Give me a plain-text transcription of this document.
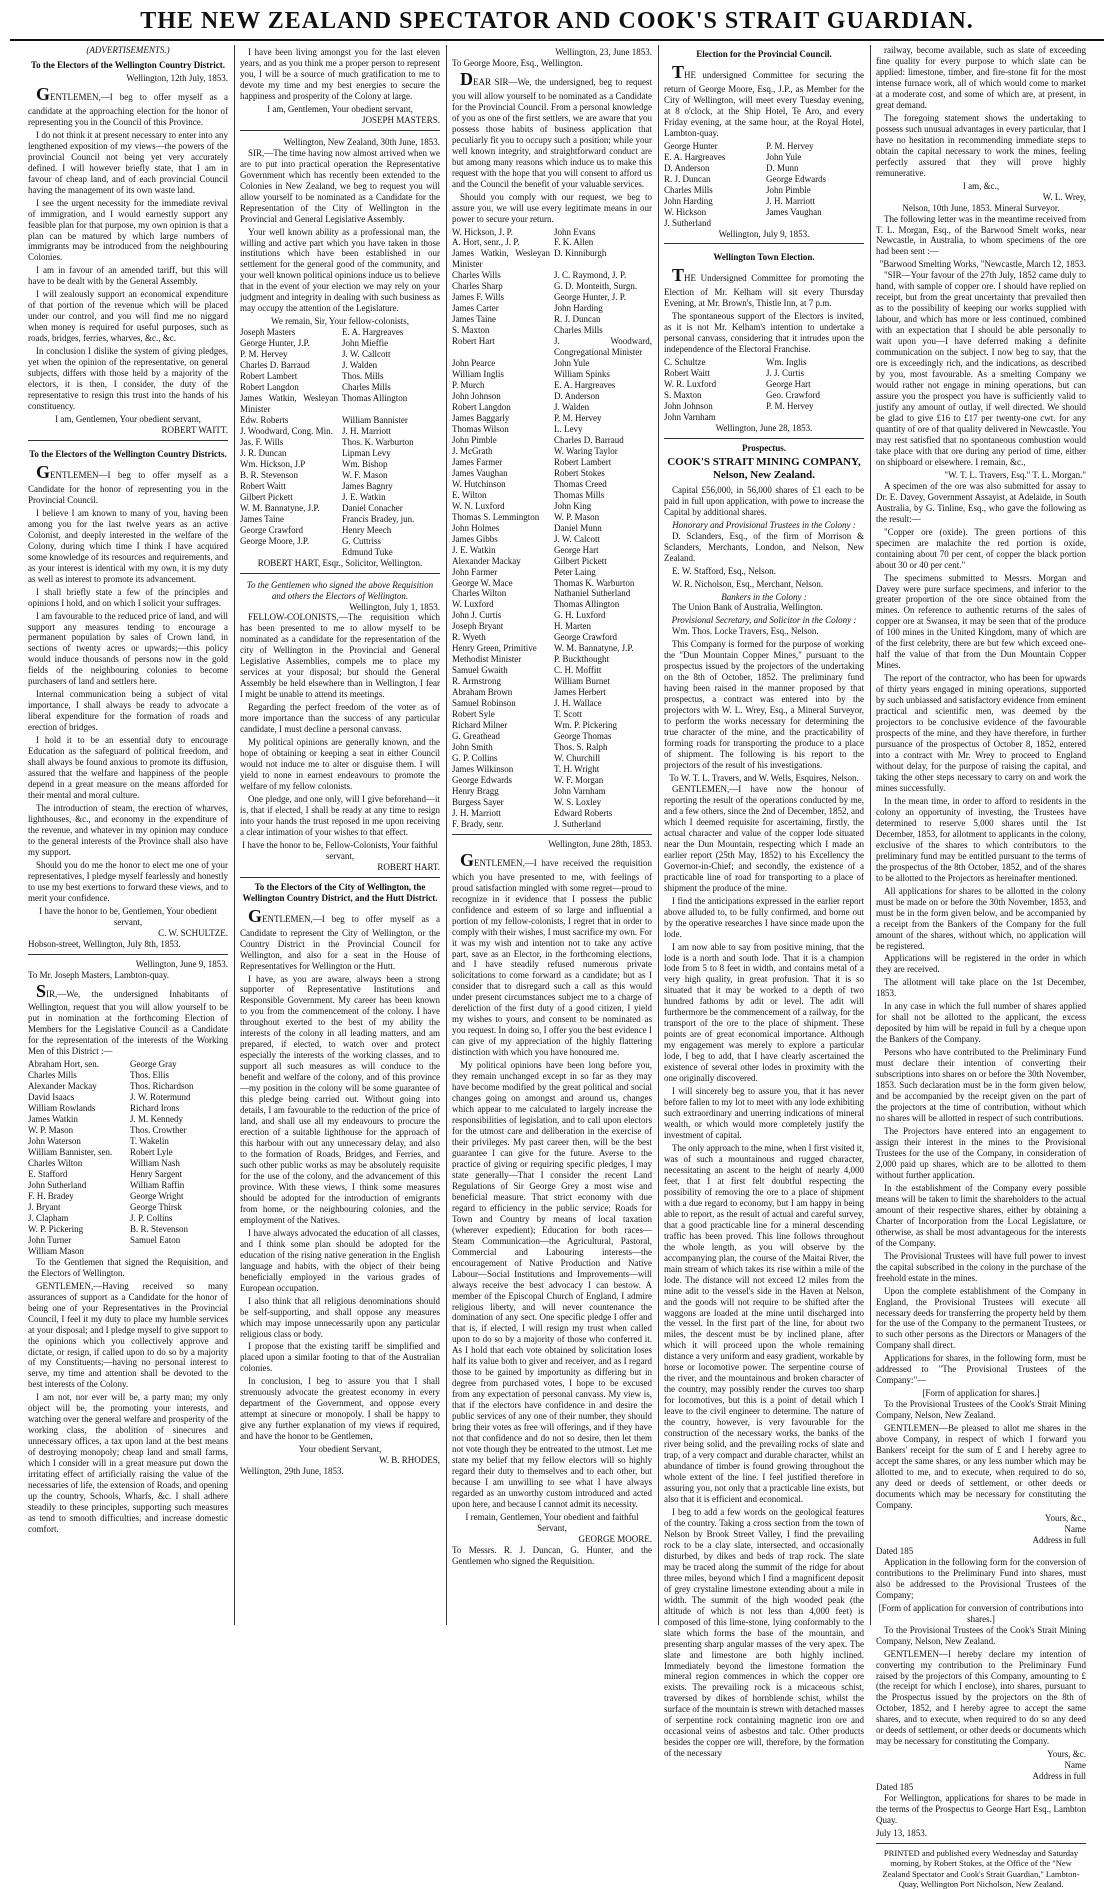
THE NEW ZEALAND SPECTATOR AND COOK'S STRAIT GUARDIAN.
(ADVERTISEMENTS.)
To the Electors of the Wellington Country District.
Wellington, 12th July, 1853.

GENTLEMEN,—I beg to offer myself as a candidate at the approaching election for the honor of representing you in the Council of this Province.

I do not think it at present necessary to enter into any lengthened exposition of my views—the powers of the provincial Council not being yet very accurately defined. I will however briefly state, that I am in favour of cheap land, and of each provincial Council having the management of its own waste land.

I see the urgent necessity for the immediate revival of immigration, and I would earnestly support any feasible plan for that purpose, my own opinion is that a plan can be matured by which large numbers of immigrants may be introduced from the neighbouring Colonies.

I am in favour of an amended tariff, but this will have to be dealt with by the General Assembly.

I will zealously support an economical expenditure of that portion of the revenue which will be placed under our control, and you will find me no niggard when money is required for useful purposes, such as roads, bridges, ferries, wharves, &c., &c.

In conclusion I dislike the system of giving pledges, yet when the opinion of the representative, on general subjects, differs with those held by a majority of the electors, it is then, I consider, the duty of the representative to resign this trust into the hands of his constituency.

I am, Gentlemen, Your obedient servant,
ROBERT WAITT.
To the Electors of the Wellington Country Districts.

GENTLEMEN—I beg to offer myself as a Candidate for the honor of representing you in the Provincial Council.

I believe I am known to many of you, having been among you for the last twelve years as an active Colonist, and deeply interested in the welfare of the Colony, during which time I think I have acquired some knowledge of its resources and requirements, and as your interest is identical with my own, it is my duty as well as interest to promote its advancement.

I shall briefly state a few of the principles and opinions I hold, and on which I solicit your suffrages.

I am favourable to the reduced price of land, and will support any measures tending to encourage a permanent population by sales of Crown land, in sections of twenty acres or upwards;—this policy would induce thousands of persons now in the gold fields of the neighbouring colonies to become purchasers of land and settlers here.

Internal communication being a subject of vital importance, I shall always be ready to advocate a liberal expenditure for the formation of roads and erection of bridges.

I hold it to be an essential duty to encourage Education as the safeguard of political freedom, and shall always be found anxious to promote its diffusion, assured that the welfare and happiness of the people depend in a great measure on the means afforded for their mental and moral culture.

The introduction of steam, the erection of wharves, lighthouses, &c., and economy in the expenditure of the revenue, and whatever in my opinion may conduce to the general interests of the Province shall also have my support.

Should you do me the honor to elect me one of your representatives, I pledge myself fearlessly and honestly to use my best exertions to forward these views, and to merit your confidence.

I have the honor to be, Gentlemen, Your obedient servant,
C. W. SCHULTZE.
Hobson-street, Wellington, July 8th, 1853.
Wellington, June 9, 1853.
To Mr. Joseph Masters, Lambton-quay.

SIR,—We, the undersigned Inhabitants of Wellington, request that you will allow yourself to be put in nomination at the forthcoming Election of Members for the Legislative Council as a Candidate for the representation of the interests of the Working Men of this District :—

Abraham Hort, sen.	George Gray
Charles Mills	Thos. Ellis
Alexander Mackay	Thos. Richardson
David Isaacs	J. W. Rotermund
William Rowlands	Richard Irons
James Watkin	J. M. Kennedy
W. P. Mason	Thos. Crowther
John Waterson	T. Wakelin
William Bannister, sen.	Robert Lyle
Charles Wilton	William Nash
E. Stafford	Henry Sargent
John Sutherland	William Raffin
F. H. Bradey	George Wright
J. Bryant	George Thirsk
J. Clapham	J. P. Collins
W. P. Pickering	B. R. Stevenson
John Turner	Samuel Eaton
William Mason

To the Gentlemen that signed the Requisition, and the Electors of Wellington.

GENTLEMEN,—Having received so many assurances of support as a Candidate for the honor of being one of your Representatives in the Provincial Council, I feel it my duty to place my humble services at your disposal; and I pledge myself to give support to the opinions which you collectively approve and dictate, or resign, if called upon to do so by a majority of my Constituents;—having no personal interest to serve, my time and attention shall be devoted to the best interests of the Colony.

I am not, nor ever will be, a party man; my only object will be, the promoting your interests, and watching over the general welfare and prosperity of the working class, the abolition of sinecures and unnecessary offices, a tax upon land at the best means of destroying monopoly; cheap land and small farms, which I consider will in a great measure put down the irritating effect of artificially raising the value of the necessaries of life, the extension of Roads, and opening up the country, Schools, Wharfs, &c. I shall adhere steadily to these principles, supporting such measures as tend to smooth difficulties, and increase domestic comfort.

I have been living amongst you for the last eleven years, and as you think me a proper person to represent you, I will be a source of much gratification to me to devote my time and my best energies to secure the happiness and prosperity of the Colony at large.

I am, Gentlemen, Your obedient servant,
JOSEPH MASTERS.
Wellington, New Zealand, 30th June, 1853.

SIR,—The time having now almost arrived when we are to put into practical operation the Representative Government which has recently been extended to the Colonies in New Zealand, we beg to request you will allow yourself to be nominated as a Candidate for the Representation of the City of Wellington in the Provincial and General Legislative Assembly.

Your well known ability as a professional man, the willing and active part which you have taken in those institutions which have been established in our settlement for the general good of the community, and your well known political opinions induce us to believe that in the event of your election we may rely on your judgment and integrity in dealing with such business as may occupy the attention of the Legislature.

We remain, Sir, Your fellow-colonists,
Joseph Masters	E. A. Hargreaves
George Hunter, J.P.	John Mieffie
P. M. Hervey	J. W. Callcott
Charles D. Barraud	J. Walden
Robert Lambert	Thos. Mills
Robert Langdon	Charles Mills
James Watkin, Wesleyan Minister
Thomas Allington
Edw. Roberts	William Bannister
J. Woodward, Cong. Min.	J. H. Marriott
Jas. F. Wills	Thos. K. Warburton
J. R. Duncan	Lipman Levy
Wm. Hickson, J.P	Wm. Bishop
B. R. Stevenson	W. F. Mason
Robert Waitt	James Bagnry
Gilbert Pickett	J. E. Watkin
W. M. Bannatyne, J.P.	Daniel Conacher
James Taine	Francis Bradey, jun.
George Crawford	Henry Meech
George Moore, J.P.	G. Cuttriss
Edmund Tuke
ROBERT HART, Esqr., Solicitor, Wellington.
To the Gentlemen who signed the above Requisition and others the Electors of Wellington.
Wellington, July 1, 1853.

FELLOW-COLONISTS,—The requisition which has been presented to me to allow myself to be nominated as a candidate for the representation of the city of Wellington in the Provincial and General Legislative Assemblies, compels me to place my services at your disposal; but should the General Assembly be held elsewhere than in Wellington, I fear I might be unable to attend its meetings.

Regarding the perfect freedom of the voter as of more importance than the success of any particular candidate, I must decline a personal canvass.

My political opinions are generally known, and the hope of obtaining or keeping a seat in either Council would not induce me to alter or disguise them. I will yield to none in earnest endeavours to promote the welfare of my fellow colonists.

One pledge, and one only, will I give beforehand—it is, that if elected, I shall be ready at any time to resign into your hands the trust reposed in me upon receiving a clear intimation of your wishes to that effect.

I have the honor to be, Fellow-Colonists, Your faithful servant,
ROBERT HART.
To the Electors of the City of Wellington, the Wellington Country District, and the Hutt District.

GENTLEMEN,—I beg to offer myself as a Candidate to represent the City of Wellington, or the Country District in the Provincial Council for Wellington, and also for a seat in the House of Representatives for Wellington or the Hutt.

I have, as you are aware, always been a strong supporter of Representative Institutions and Responsible Government. My career has been known to you from the commencement of the colony. I have throughout exerted to the best of my ability the interests of the colony in all leading matters, and am prepared, if elected, to watch over and protect especially the interests of the working classes, and to support all such measures as will conduce to the benefit and welfare of the colony, and of this province—my position in the colony will be some guarantee of this pledge being carried out. Without going into details, I am favourable to the reduction of the price of land, and shall use all my endeavours to procure the erection of a suitable lighthouse for the approach of this harbour with out any unnecessary delay, and also to the formation of Roads, Bridges, and Ferries, and such other public works as may be absolutely requisite for the use of the colony, and the advancement of this province. With these views, I think some measures should be adopted for the introduction of emigrants from home, or the neighbouring colonies, and the employment of the Natives.

I have always advocated the education of all classes, and I think some plan should be adopted for the education of the rising native generation in the English language and habits, with the object of their being beneficially employed in the various grades of European occupation.

I also think that all religious denominations should be self-supporting, and shall oppose any measures which may impose unnecessarily upon any particular religious class or body.

I propose that the existing tariff be simplified and placed upon a similar footing to that of the Australian colonies.

In conclusion, I beg to assure you that I shall strenuously advocate the greatest economy in every department of the Government, and oppose every attempt at sinecure or monopoly. I shall be happy to give any further explanation of my views if required, and have the honor to be Gentlemen,

Your obedient Servant,
W. B. RHODES,
Wellington, 29th June, 1853.
Wellington, 23, June 1853.
To George Moore, Esq., Wellington.

DEAR SIR—We, the undersigned, beg to request you will allow yourself to be nominated as a Candidate for the Provincial Council. From a personal knowledge of you as one of the first settlers, we are aware that you possess those habits of business application that peculiarly fit you to occupy such a position; while your well known integrity, and straightforward conduct are but among many reasons which induce us to make this request with the hope that you will consent to afford us and the Council the benefit of your valuable services.

Should you comply with our request, we beg to assure you, we will use every legitimate means in our power to secure your return.

W. Hickson, J. P.	John Evans
A. Hort, senr., J. P.	F. K. Allen
James Watkin, Wesleyan Minister
D. Kinniburgh
Charles Wills	J. C. Raymond, J. P.
Charles Sharp	G. D. Monteith, Surgn.
James F. Wills	George Hunter, J. P.
James Carter	John Harding
James Taine	R. J. Duncan
S. Maxton	Charles Mills
Robert Hart	J. Woodward, Congregational Minister
John Pearce	John Yule
William Inglis	William Spinks
P. Murch	E. A. Hargreaves
John Johnson	D. Anderson
Robert Langdon	J. Walden
James Baggarly	P. M. Hervey
Thomas Wilson	L. Levy
John Pimble	Charles D. Barraud
J. McGrath	W. Waring Taylor
James Farmer	Robert Lambert
James Vaughan	Robert Stokes
W. Hutchinson	Thomas Creed
E. Wilton	Thomas Mills
W. N. Luxford	John King
Thomas S. Lemmington	W. P. Mason
John Holmes	Daniel Munn
James Gibbs	J. W. Calcott
J. E. Watkin	George Hart
Alexander Mackay	Gilbert Pickett
John Farmer	Peter Laing
George W. Mace	Thomas K. Warburton
Charles Wilton	Nathaniel Sutherland
W. Luxford	Thomas Allington
John J. Curtis	G. H. Luxford
Joseph Bryant	H. Marten
R. Wyeth	George Crawford
Henry Green, Primitive	W. M. Bannatyne, J.P.
Methodist Minister	P. Buckthought
Samuel Gwaith	C. H. Moffitt
R. Armstrong	William Burnet
Abraham Brown	James Herbert
Samuel Robinson	J. H. Wallace
Robert Syle	T. Scott
Richard Milner	Wm. P. Pickering
G. Greathead	George Thomas
John Smith	Thos. S. Ralph
G. P. Collins	W. Churchill
James Wilkinson	T. H. Wright
George Edwards	W. F. Morgan
Henry Bragg	John Varnham
Burgess Sayer	W. S. Loxley
J. H. Marriott	Edward Roberts
F. Brady, senr.	J. Sutherland
Wellington, June 28th, 1853.

GENTLEMEN,—I have received the requisition which you have presented to me, with feelings of proud satisfaction mingled with some regret—proud to recognize in it evidence that I possess the public confidence and esteem of so large and influential a portion of my fellow-colonists, I regret that in order to comply with their wishes, I must sacrifice my own. For it was my wish and intention not to take any active part, save as an Elector, in the forthcoming elections, and I have steadily refused numerous private solicitations to come forward as a candidate; but as I consider that to disregard such a call as this would under present circumstances subject me to a charge of dereliction of the first duty of a good citizen, I yield my wishes to yours, and consent to be nominated as you request. In doing so, I offer you the best evidence I can give of my appreciation of the highly flattering distinction with which you have honoured me.

My political opinions have been long before you, they remain unchanged except in so far as they may have become modified by the great political and social changes going on amongst and around us, changes which appear to me calculated to largely increase the responsibilities of legislation, and to call upon electors for the utmost care and deliberation in the exercise of their privileges. My past career then, will be the best guarantee I can give for the future. Averse to the practice of giving or requiring specific pledges, I may state generally—That I consider the recent Land Regulations of Sir George Grey a most wise and beneficial measure. That strict economy with due regard to efficiency in the public service; Roads for Town and Country by means of local taxation (wherever expedient); Education for both races—Steam Communication—the Agricultural, Pastoral, Commercial and Labouring interests—the encouragement of Native Production and Native Labour—Social Institutions and Improvements—will always receive the best advocacy I can bestow. A member of the Episcopal Church of England, I admire religious liberty, and will never countenance the domination of any sect. One specific pledge I offer and that is, if elected, I will resign my trust when called upon to do so by a majority of those who conferred it. As I hold that each vote obtained by solicitation loses half its value both to giver and receiver, and as I regard those to be gained by importunity as differing but in degree from purchased votes, I hope to be excused from any expectation of personal canvass. My view is, that if the electors have confidence in and desire the public services of any one of their number, they should bring their votes as free will offerings, and if they have not that confidence and do not so desire, then let them not vote though they be entreated to the utmost. Let me state my belief that my fellow electors will so highly regard their duty to themselves and to each other, but because I am unwilling to see what I have always regarded as an unworthy custom introduced and acted upon here, and because I cannot admit its necessity.

I remain, Gentlemen, Your obedient and faithful Servant,
GEORGE MOORE.
To Messrs. R. J. Duncan, G. Hunter, and the Gentlemen who signed the Requisition.
Election for the Provincial Council.

THE undersigned Committee for securing the return of George Moore, Esq., J.P., as Member for the City of Wellington, will meet every Tuesday evening, at 8 o'clock, at the Ship Hotel, Te Aro, and every Friday evening, at the same hour, at the Royal Hotel, Lambton-quay.

George Hunter	P. M. Hervey
E. A. Hargreaves	John Yule
D. Anderson	D. Munn
R. J. Duncan	George Edwards
Charles Mills	John Pimble
John Harding	J. H. Marriott
W. Hickson	James Vaughan
J. Sutherland
Wellington, July 9, 1853.
Wellington Town Election.

THE Undersigned Committee for promoting the Election of Mr. Kelham will sit every Thursday Evening, at Mr. Brown's, Thistle Inn, at 7 p.m.

The spontaneous support of the Electors is invited, as it is not Mr. Kelham's intention to undertake a personal canvass, considering that it intrudes upon the independence of the Electoral Franchise.

C. Schultze	Wm. Inglis
Robert Waitt	J. J. Curtis
W. R. Luxford	George Hart
S. Maxton	Geo. Crawford
John Johnson	P. M. Hervey
John Varnham
Wellington, June 28, 1853.
Prospectus.
COOK'S STRAIT MINING COMPANY, Nelson, New Zealand.

Capital £56,000, in 56,000 shares of £1 each to be paid in full upon application, with powe to increase the Capital by additional shares.

Honorary and Provisional Trustees in the Colony :

D. Sclanders, Esq., of the firm of Morrison & Sclanders, Merchants, London, and Nelson, New Zealand.

E. W. Stafford, Esq., Nelson.

W. R. Nicholson, Esq., Merchant, Nelson.

Bankers in the Colony :

The Union Bank of Australia, Wellington.

Provisional Secretary, and Solicitor in the Colony :

Wm. Thos. Locke Travers, Esq., Nelson.

This Company is formed for the purpose of working the "Dun Mountain Copper Mines," pursuant to the prospectus issued by the projectors of the undertaking on the 8th of October, 1852. The preliminary fund having been raised in the manner proposed by that prospectus, a contract was entered into by the projectors with W. L. Wrey, Esq., a Mineral Surveyor, to perform the works necessary for determining the true character of the mine, and the practicability of forming roads for transporting the produce to a place of shipment. The following is his report to the projectors of the result of his investigations.

To W. T. L. Travers, and W. Wells, Esquires, Nelson.

GENTLEMEN,—I have now the honour of reporting the result of the operations conducted by me, and a few others, since the 2nd of December, 1852, and which I deemed requisite for ascertaining, firstly, the actual character and value of the copper lode situated near the Dun Mountain, respecting which I made an earlier report (25th May, 1852) to his Excellency the Governor-in-Chief; and secondly, the existence of a practicable line of road for transporting to a place of shipment the produce of the mine.

I find the anticipations expressed in the earlier report above alluded to, to be fully confirmed, and borne out by the operative researches I have since made upon the lode.

I am now able to say from positive mining, that the lode is a north and south lode. That it is a champion lode from 5 to 8 feet in width, and contains metal of a very high quality, in great profusion. That it is so situated that it may be worked to a depth of two hundred fathoms by adit or level. The adit will furthermore be the commencement of a railway, for the transport of the ore to the place of shipment. These points are of great economical importance. Although my engagement was merely to explore a particular lode, I beg to add, that I have clearly ascertained the existence of several other lodes in proximity with the one originally discovered.

I will sincerely beg to assure you, that it has never before fallen to my lot to meet with any lode exhibiting such extraordinary and unerring indications of mineral wealth, or which would more completely justify the investment of capital.

The only approach to the mine, when I first visited it, was of such a mountainous and rugged character, necessitating an ascent to the height of nearly 4,000 feet, that I at first felt doubtful respecting the possibility of removing the ore to a place of shipment with a due regard to economy, but I am happy in being able to report, as the result of actual and careful survey, that a good practicable line for a mineral descending traffic has been proved. This line follows throughout the whole length, as you will observe by the accompanying plan, the course of the Maitai River, the main stream of which takes its rise within a mile of the lode. The distance will not exceed 12 miles from the mine adit to the vessel's side in the Haven at Nelson, and the goods will not require to be shifted after the waggons are loaded at the mine until discharged into the vessel. In the first part of the line, for about two miles, the descent must be by inclined plane, after which it will proceed upon the whole remaining distance a very uniform and easy gradient, workable by horse or locomotive power. The serpentine course of the river, and the mountainous and broken character of the country, may possibly render the curves too sharp for locomotives, but this is a point of detail which I leave to the civil engineer to determine. The nature of the country, however, is very favourable for the construction of the necessary works, the banks of the river being solid, and the prevailing rocks of slate and trap, of a very compact and durable character, whilst an abundance of timber is found growing throughout the whole extent of the line. I feel justified therefore in assuring you, not only that a practicable line exists, but also that it is efficient and economical.

I beg to add a few words on the geological features of the country. Taking a cross section from the town of Nelson by Brook Street Valley, I find the prevailing rock to be a clay slate, intersected, and occasionally disturbed, by dikes and beds of trap rock. The slate may be traced along the summit of the ridge for about three miles, beyond which I find a magnificent deposit of grey crystaline limestone extending about a mile in width. The summit of the high wooded peak (the altitude of which is not less than 4,000 feet) is composed of this lime-stone, lying conformably to the slate which forms the base of the mountain, and presenting sharp angular masses of the very apex. The slate and limestone are both highly inclined. Immediately beyond the limestone formation the mineral region commences in which the copper ore exists. The prevailing rock is a micaceous schist, traversed by dikes of hornblende schist, whilst the surface of the mountain is strewn with detached masses of serpentine rock containing magnetic iron ore and occasional veins of asbestos and talc. Other products besides the copper ore will, therefore, by the formation of the necessary

railway, become available, such as slate of exceeding fine quality for every purpose to which slate can be applied: limestone, timber, and fire-stone fit for the most intense furnace work, all of which would come to market at a moderate cost, and some of which are, at present, in great demand.

The foregoing statement shows the undertaking to possess such unusual advantages in every particular, that I have no hesitation in recommending immediate steps to obtain the capital necessary to work the mines, feeling perfectly assured that they will prove highly remunerative.

I am, &c.,
W. L. Wrey,
Nelson, 10th June, 1853. Mineral Surveyor.

The following letter was in the meantime received from T. L. Morgan, Esq., of the Barwood Smelt works, near Newcastle, in Australia, to whom specimens of the ore had been sent :—

"Barwood Smelting Works, "Newcastle, March 12, 1853.

"SIR—Your favour of the 27th July, 1852 came duly to hand, with sample of copper ore. I should have replied on receipt, but from the great uncertainty that prevailed then as to the possibility of keeping our works supplied with labour, and which has more or less continued, combined with an expectation that I should be able personally to wait upon you—I have deferred making a definite communication on the subject. I now beg to say, that the ore is exceedingly rich, and the indications, as described by you, most favourable. As a smelting Company we would rather not engage in mining operations, but can assure you the prospect you have is sufficiently valid to justify any amount of outlay, if well directed. We should be glad to give £16 to £17 per twenty-one cwt. for any quantity of ore of that quality delivered in Newcastle. You may rest satisfied that no spontaneous combustion would take place with that ore during any period of time, either on shipboard or elsewhere. I remain, &c.,

"W. T. L. Travers, Esq." T. L. Morgan."

A specimen of the ore was also submitted for assay to Dr. E. Davey, Government Assayist, at Adelaide, in South Australia, by G. Tinline, Esq., who gave the following as the result:—

"Copper ore (oxide). The green portions of this specimen are malachite the red portion is oxide, containing about 70 per cent, of copper the black portion about 30 or 40 per cent."

The specimens submitted to Messrs. Morgan and Davey were pure surface specimens, and inferior to the greater proportion of the ore since obtained from the mines. On reference to authentic returns of the sales of copper ore at Swansea, it may be seen that of the produce of 100 mines in the United Kingdom, many of which are of the first celebrity, there are but few which exceed one-half the value of that from the Dun Mountain Copper Mines.

The report of the contractor, who has been for upwards of thirty years engaged in mining operations, supported by such unbiassed and satisfactory evidence from eminent practical and scientific men, was deemed by the projectors to be conclusive evidence of the favourable prospects of the mine, and they have therefore, in further pursuance of the prospectus of October 8, 1852, entered into a contract with Mr. Wrey to proceed to England without delay, for the purpose of raising the capital, and taking the other steps necessary to carry on and work the mines successfully.

In the mean time, in order to afford to residents in the colony an opportunity of investing, the Trustees have determined to reserve 5,000 shares until the 1st December, 1853, for allotment to applicants in the colony, exclusive of the shares to which contributors to the preliminary fund may be entitled pursuant to the terms of the prospectus of the 8th October, 1852, and of the shares to be allotted to the Projectors as hereinafter mentioned.

All applications for shares to be allotted in the colony must be made on or before the 30th November, 1853, and must be in the form given below, and be accompanied by a receipt from the Bankers of the Company for the full amount of the shares, without which, no application will be registered.

Applications will be registered in the order in which they are received.

The allotment will take place on the 1st December, 1853.

In any case in which the full number of shares applied for shall not be allotted to the applicant, the excess deposited by him will be repaid in full by a cheque upon the Bankers of the Company.

Persons who have contributed to the Preliminary Fund must declare their intention of converting their subscriptions into shares on or before the 30th November, 1853. Such declaration must be in the form given below, and be accompanied by the receipt given on the part of the projectors at the time of contribution, without which no shares will be allotted in respect of such contributions.

The Projectors have entered into an engagement to assign their interest in the mines to the Provisional Trustees for the use of the Company, in consideration of 2,000 paid up shares, which are to be allotted to them without further application.

In the establishment of the Company every possible means will be taken to limit the shareholders to the actual amount of their respective shares, either by obtaining a Charter of Incorporation from the Local Legislature, or otherwise, as shall be most advantageous for the interests of the Company.

The Provisional Trustees will have full power to invest the capital subscribed in the colony in the purchase of the freehold estate in the mines.

Upon the complete establishment of the Company in England, the Provisional Trustees will execute all necessary deeds for transferring the property held by them for the use of the Company to the permanent Trustees, or to such other persons as the Directors or Managers of the Company shall direct.

Applications for shares, in the following form, must be addressed to "The Provisional Trustees of the Company:"—

[Form of application for shares.]

To the Provisional Trustees of the Cook's Strait Mining Company, Nelson, New Zealand.

GENTLEMEN—Be pleased to allot me shares in the above Company, in respect of which I forward you Bankers' receipt for the sum of £ and I hereby agree to accept the same shares, or any less number which may be allotted to me, and to execute, when required to do so, any deed or deeds of settlement, or other deeds or documents which may be necessary for constituting the Company.

Yours, &c.,
Name
Address in full
Dated 185

Application in the following form for the conversion of contributions to the Preliminary Fund into shares, must also be addressed to the Provisional Trustees of the Company;

[Form of application for conversion of contributions into shares.]

To the Provisional Trustees of the Cook's Strait Mining Company, Nelson, New Zealand.

GENTLEMEN—I hereby declare my intention of converting my contribution to the Preliminary Fund raised by the projectors of this Company, amounting to £ (the receipt for which I enclose), into shares, pursuant to the Prospectus issued by the projectors on the 8th of October, 1852, and I hereby agree to accept the same shares, and to execute, when required to do so any deed or deeds of settlement, or other deeds or documents which may be necessary for constituting the Company.

Yours, &c.
Name
Address in full
Dated 185

For Wellington, applications for shares to be made in the terms of the Prospectus to George Hart Esq., Lambton Quay.

July 13, 1853.
PRINTED and published every Wednesday and Saturday morning, by Robert Stokes, at the Office of the "New Zealand Spectator and Cook's Strait Guardian," Lambton-Quay, Wellington Port Nicholson, New Zealand.
